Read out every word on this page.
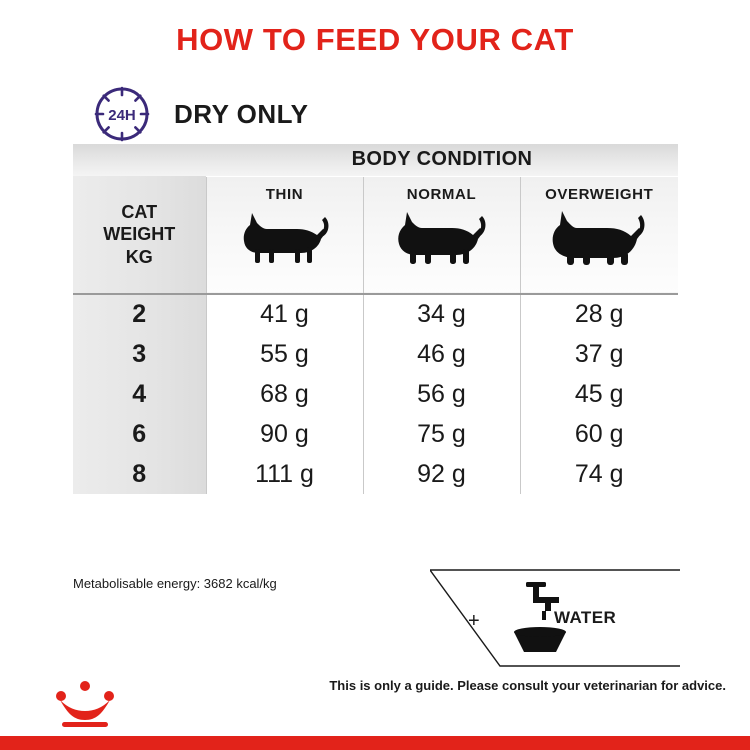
HOW TO FEED YOUR CAT
24H DRY ONLY
	BODY CONDITION		

CAT
WEIGHT
KG	THIN	NORMAL	OVERWEIGHT

2	41 g	34 g	28 g
3	55 g	46 g	37 g
4	68 g	56 g	45 g
6	90 g	75 g	60 g
8	111 g	92 g	74 g
Metabolisable energy: 3682 kcal/kg
+	WATER
This is only a guide. Please consult your veterinarian for advice.
